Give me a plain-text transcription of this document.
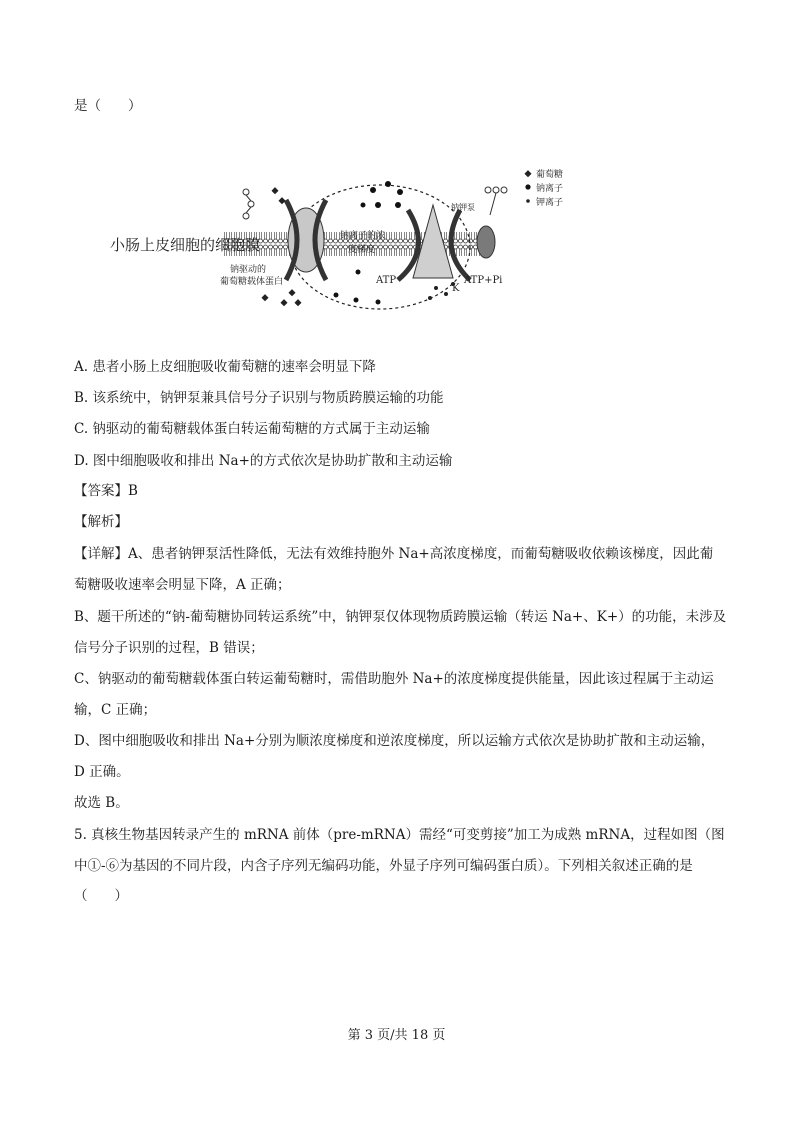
是（　　）
小肠上皮细胞的细胞膜
钠驱动的
葡萄糖载体蛋白
钠离子的浓
度梯度
钠钾泵
ATP	ATP+Pi
K
葡萄糖
钠离子
钾离子
A. 患者小肠上皮细胞吸收葡萄糖的速率会明显下降
B. 该系统中，钠钾泵兼具信号分子识别与物质跨膜运输的功能
C. 钠驱动的葡萄糖载体蛋白转运葡萄糖的方式属于主动运输
D. 图中细胞吸收和排出 Na+的方式依次是协助扩散和主动运输
【答案】B
【解析】
【详解】A、患者钠钾泵活性降低，无法有效维持胞外 Na+高浓度梯度，而葡萄糖吸收依赖该梯度，因此葡
萄糖吸收速率会明显下降，A 正确；
B、题干所述的“钠-葡萄糖协同转运系统”中，钠钾泵仅体现物质跨膜运输（转运 Na+、K+）的功能，未涉及
信号分子识别的过程，B 错误；
C、钠驱动的葡萄糖载体蛋白转运葡萄糖时，需借助胞外 Na+的浓度梯度提供能量，因此该过程属于主动运
输，C 正确；
D、图中细胞吸收和排出 Na+分别为顺浓度梯度和逆浓度梯度，所以运输方式依次是协助扩散和主动运输，
D 正确。
故选 B。
5. 真核生物基因转录产生的 mRNA 前体（pre-mRNA）需经“可变剪接”加工为成熟 mRNA，过程如图（图
中①-⑥为基因的不同片段，内含子序列无编码功能，外显子序列可编码蛋白质）。下列相关叙述正确的是
（　　）
第 3 页/共 18 页
